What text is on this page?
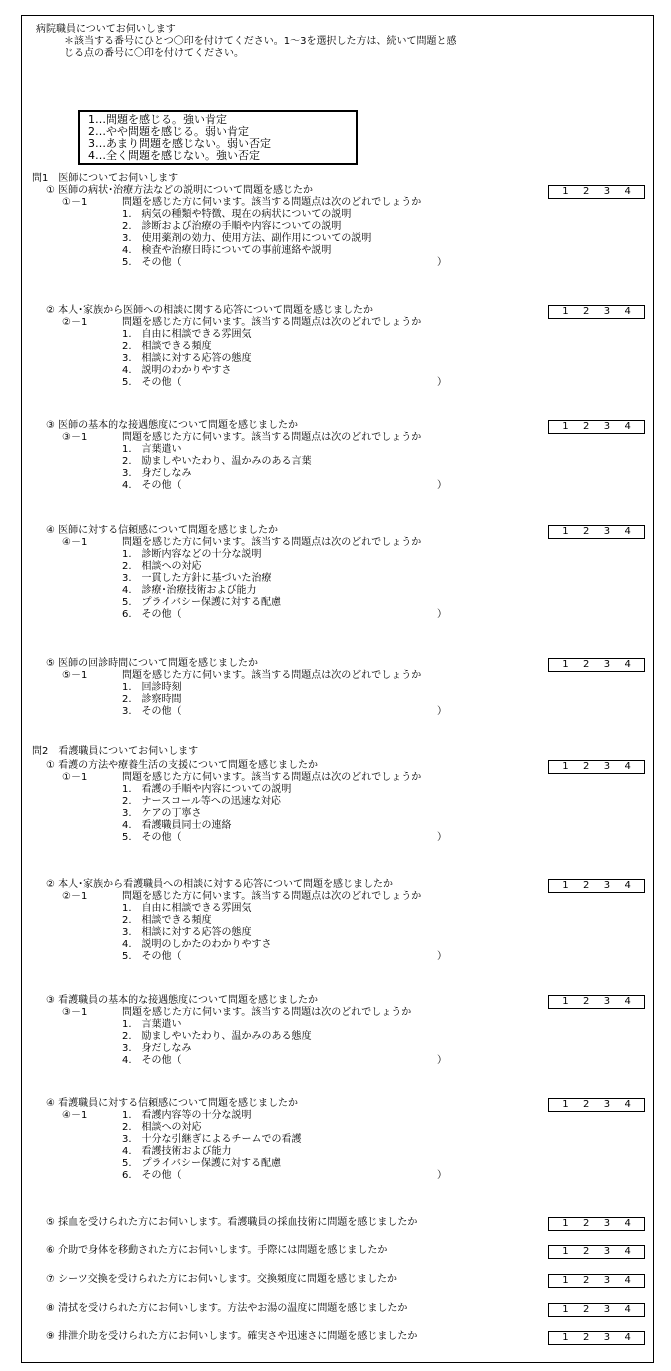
病院職員についてお伺いします
＊該当する番号にひとつ〇印を付けてください。1～3を選択した方は、続いて問題と感
じる点の番号に〇印を付けてください。
1…問題を感じる。強い肯定
2…やや問題を感じる。弱い肯定
3…あまり問題を感じない。弱い否定
4…全く問題を感じない。強い否定
問1　医師についてお伺いします
① 医師の病状･治療方法などの説明について問題を感じたか	1 2 3 4
①－1	問題を感じた方に伺います。該当する問題点は次のどれでしょうか
1.　病気の種類や特徴、現在の病状についての説明
2.　診断および治療の手順や内容についての説明
3.　使用薬剤の効力、使用方法、副作用についての説明
4.　検査や治療日時についての事前連絡や説明
5.　その他（	）
② 本人･家族から医師への相談に関する応答について問題を感じましたか	1 2 3 4
②－1	問題を感じた方に伺います。該当する問題点は次のどれでしょうか
1.　自由に相談できる雰囲気
2.　相談できる頻度
3.　相談に対する応答の態度
4.　説明のわかりやすさ
5.　その他（	）
③ 医師の基本的な接遇態度について問題を感じましたか	1 2 3 4
③－1	問題を感じた方に伺います。該当する問題点は次のどれでしょうか
1.　言葉遣い
2.　励ましやいたわり、温かみのある言葉
3.　身だしなみ
4.　その他（	）
④ 医師に対する信頼感について問題を感じましたか	1 2 3 4
④－1	問題を感じた方に伺います。該当する問題点は次のどれでしょうか
1.　診断内容などの十分な説明
2.　相談への対応
3.　一貫した方針に基づいた治療
4.　診療･治療技術および能力
5.　プライバシー保護に対する配慮
6.　その他（	）
⑤ 医師の回診時間について問題を感じましたか	1 2 3 4
⑤－1	問題を感じた方に伺います。該当する問題点は次のどれでしょうか
1.　回診時刻
2.　診察時間
3.　その他（	）
問2　看護職員についてお伺いします
① 看護の方法や療養生活の支援について問題を感じましたか	1 2 3 4
①－1	問題を感じた方に伺います。該当する問題点は次のどれでしょうか
1.　看護の手順や内容についての説明
2.　ナースコール等への迅速な対応
3.　ケアの丁寧さ
4.　看護職員同士の連絡
5.　その他（	）
② 本人･家族から看護職員への相談に対する応答について問題を感じましたか	1 2 3 4
②－1	問題を感じた方に伺います。該当する問題点は次のどれでしょうか
1.　自由に相談できる雰囲気
2.　相談できる頻度
3.　相談に対する応答の態度
4.　説明のしかたのわかりやすさ
5.　その他（	）
③ 看護職員の基本的な接遇態度について問題を感じましたか	1 2 3 4
③－1	問題を感じた方に伺います。該当する問題は次のどれでしょうか
1.　言葉遣い
2.　励ましやいたわり、温かみのある態度
3.　身だしなみ
4.　その他（	）
④ 看護職員に対する信頼感について問題を感じましたか	1 2 3 4
④－1	1.　看護内容等の十分な説明
2.　相談への対応
3.　十分な引継ぎによるチームでの看護
4.　看護技術および能力
5.　プライバシー保護に対する配慮
6.　その他（	）
⑤ 採血を受けられた方にお伺いします。看護職員の採血技術に問題を感じましたか	1 2 3 4
⑥ 介助で身体を移動された方にお伺いします。手際には問題を感じましたか	1 2 3 4
⑦ シーツ交換を受けられた方にお伺いします。交換頻度に問題を感じましたか	1 2 3 4
⑧ 清拭を受けられた方にお伺いします。方法やお湯の温度に問題を感じましたか	1 2 3 4
⑨ 排泄介助を受けられた方にお伺いします。確実さや迅速さに問題を感じましたか	1 2 3 4
